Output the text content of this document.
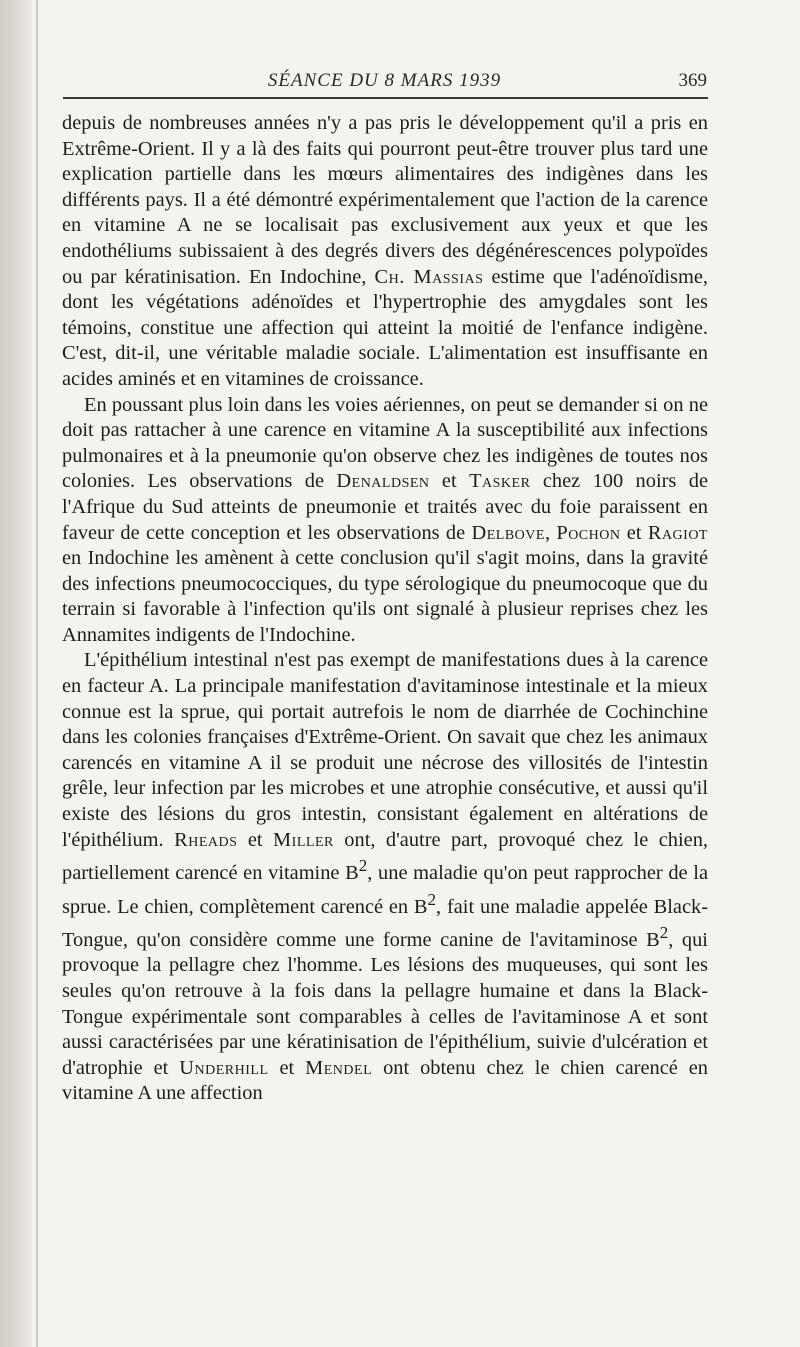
SÉANCE DU 8 MARS 1939	369

depuis de nombreuses années n'y a pas pris le développement qu'il a pris en Extrême-Orient. Il y a là des faits qui pourront peut-être trouver plus tard une explication partielle dans les mœurs alimentaires des indigènes dans les différents pays. Il a été démontré expérimentalement que l'action de la carence en vitamine A ne se localisait pas exclusivement aux yeux et que les endothéliums subissaient à des degrés divers des dégénérescences polypoïdes ou par kératinisation. En Indochine, Ch. Massias estime que l'adénoïdisme, dont les végétations adénoïdes et l'hypertrophie des amygdales sont les témoins, constitue une affection qui atteint la moitié de l'enfance indigène. C'est, dit-il, une véritable maladie sociale. L'alimentation est insuffisante en acides aminés et en vitamines de croissance.

En poussant plus loin dans les voies aériennes, on peut se demander si on ne doit pas rattacher à une carence en vitamine A la susceptibilité aux infections pulmonaires et à la pneumonie qu'on observe chez les indigènes de toutes nos colonies. Les observations de Denaldsen et Tasker chez 100 noirs de l'Afrique du Sud atteints de pneumonie et traités avec du foie paraissent en faveur de cette conception et les observations de Delbove, Pochon et Ragiot en Indochine les amènent à cette conclusion qu'il s'agit moins, dans la gravité des infections pneumococciques, du type sérologique du pneumocoque que du terrain si favorable à l'infection qu'ils ont signalé à plusieur reprises chez les Annamites indigents de l'Indochine.

L'épithélium intestinal n'est pas exempt de manifestations dues à la carence en facteur A. La principale manifestation d'avitaminose intestinale et la mieux connue est la sprue, qui portait autrefois le nom de diarrhée de Cochinchine dans les colonies françaises d'Extrême-Orient. On savait que chez les animaux carencés en vitamine A il se produit une nécrose des villosités de l'intestin grêle, leur infection par les microbes et une atrophie consécutive, et aussi qu'il existe des lésions du gros intestin, consistant également en altérations de l'épithélium. Rheads et Miller ont, d'autre part, provoqué chez le chien, partiellement carencé en vitamine $B^2$, une maladie qu'on peut rapprocher de la sprue. Le chien, complètement carencé en $B^2$, fait une maladie appelée Black-Tongue, qu'on considère comme une forme canine de l'avitaminose $B^2$, qui provoque la pellagre chez l'homme. Les lésions des muqueuses, qui sont les seules qu'on retrouve à la fois dans la pellagre humaine et dans la Black-Tongue expérimentale sont comparables à celles de l'avitaminose A et sont aussi caractérisées par une kératinisation de l'épithélium, suivie d'ulcération et d'atrophie et Underhill et Mendel ont obtenu chez le chien carencé en vitamine A une affection
